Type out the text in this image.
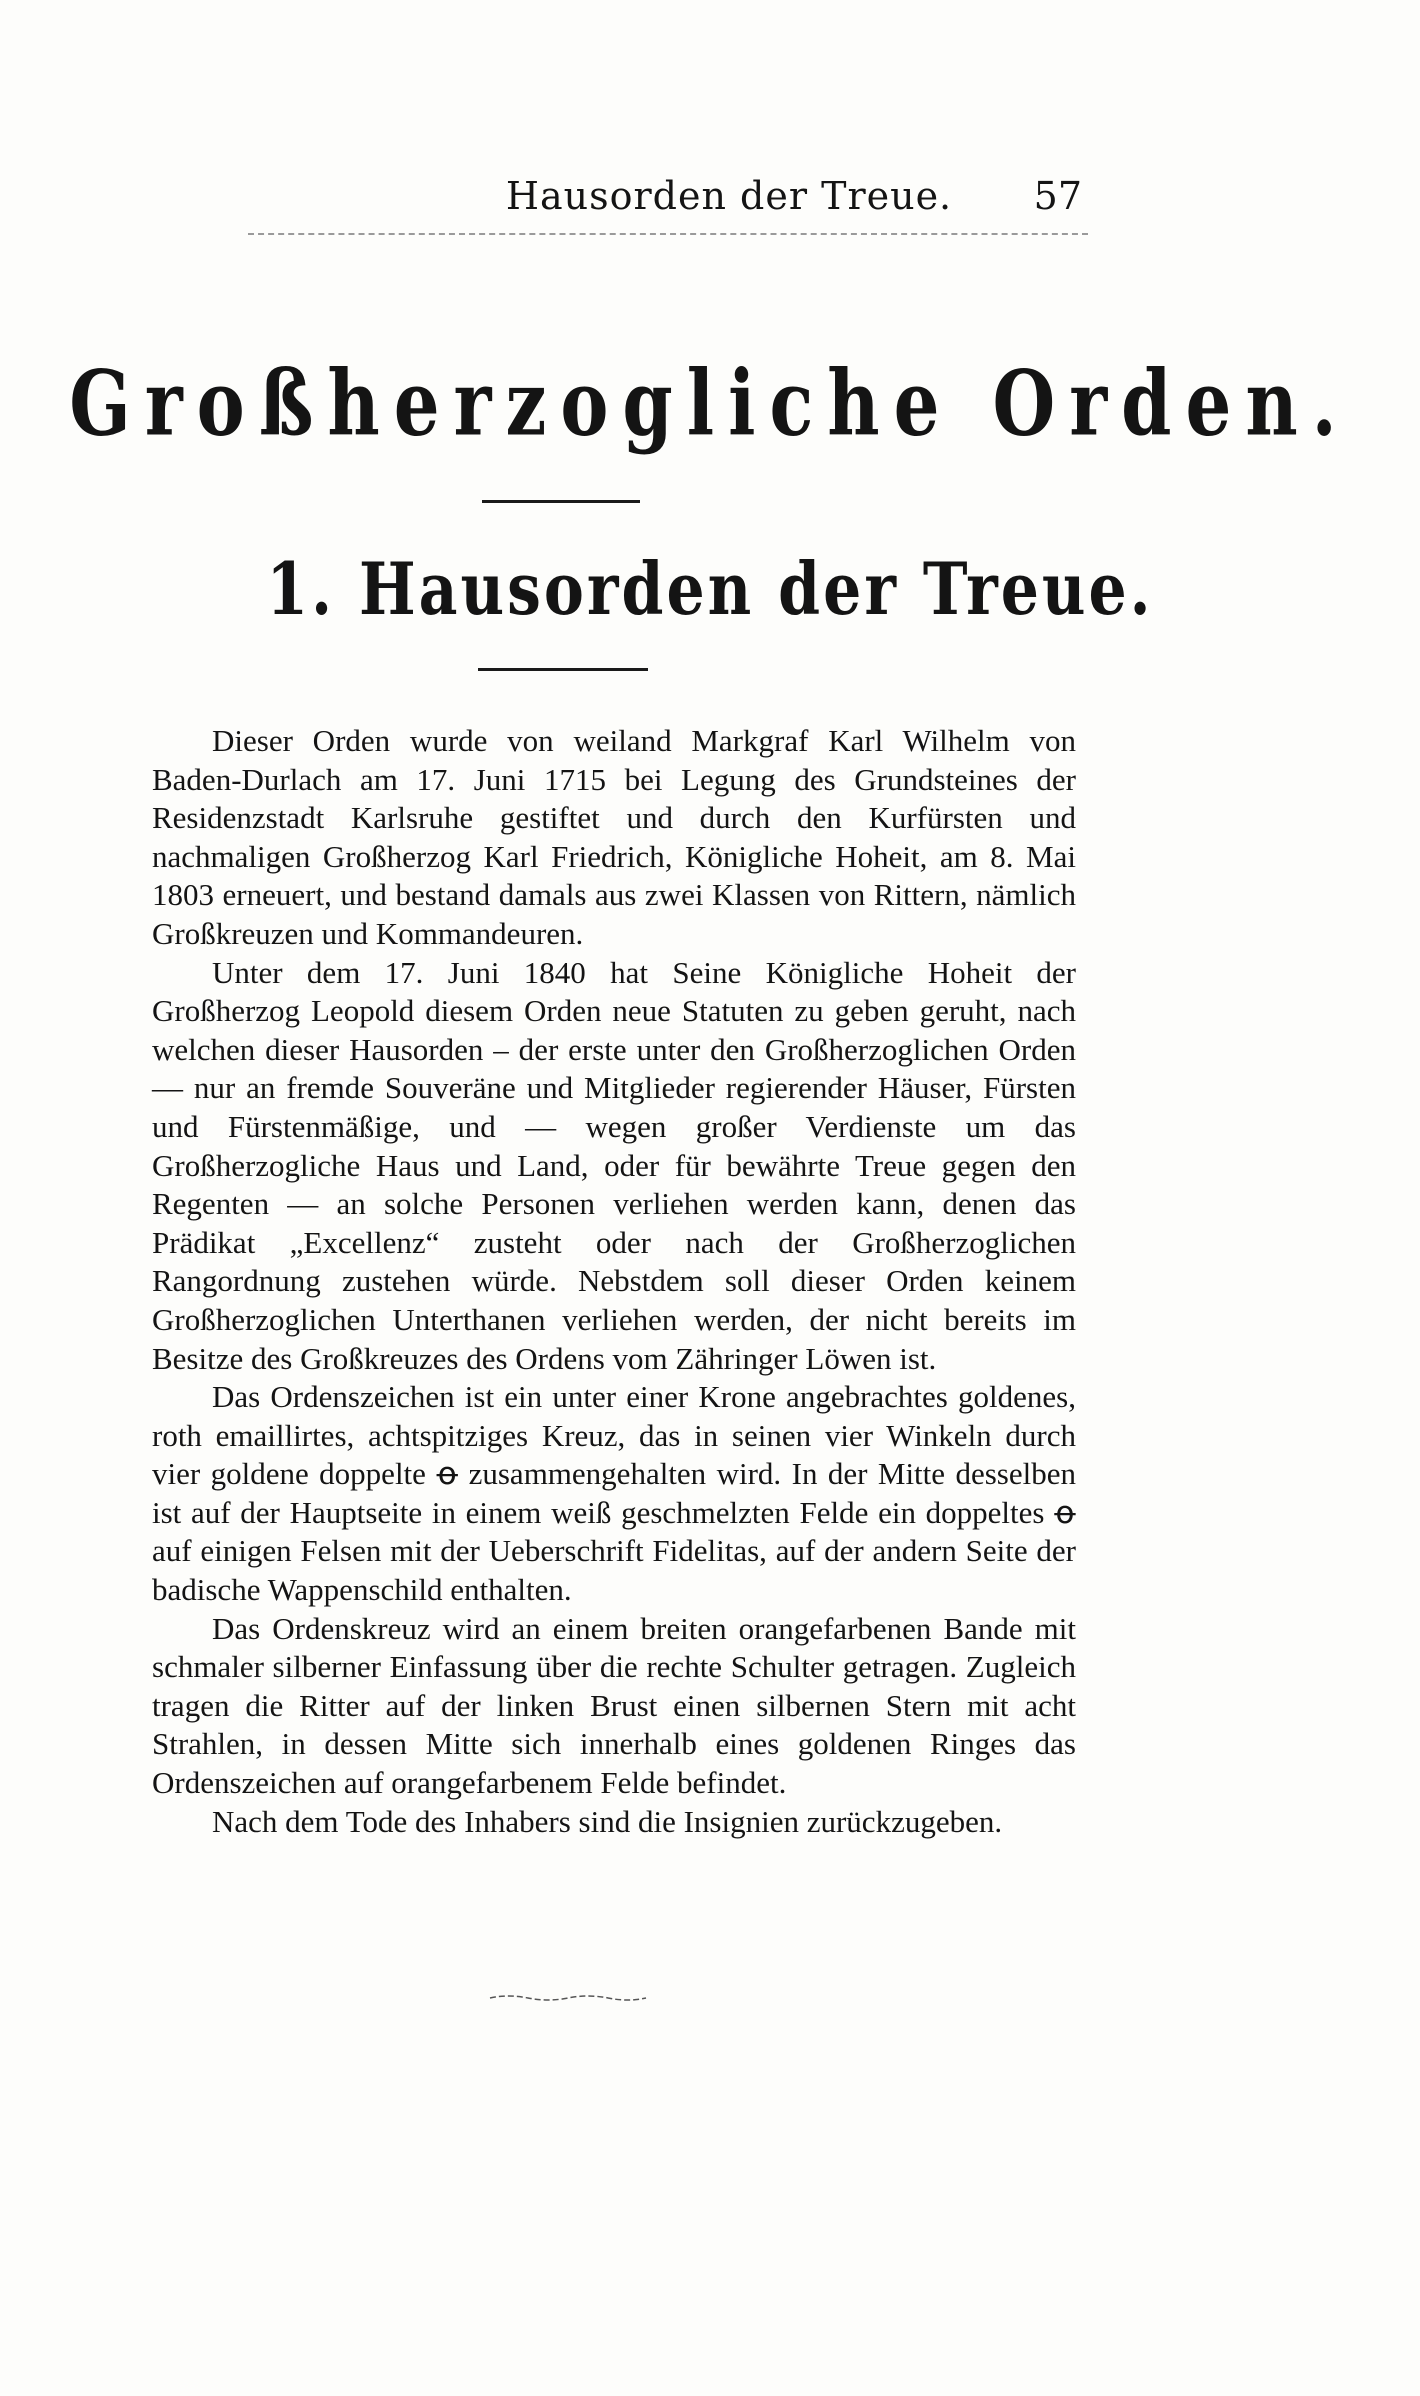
Hausorden der Treue.	57
Großherzogliche Orden.
1. Hausorden der Treue.

Dieser Orden wurde von weiland Markgraf Karl Wilhelm von Baden-Durlach am 17. Juni 1715 bei Legung des Grundsteines der Residenzstadt Karlsruhe gestiftet und durch den Kurfürsten und nachmaligen Großherzog Karl Friedrich, Königliche Hoheit, am 8. Mai 1803 erneuert, und bestand damals aus zwei Klassen von Rittern, nämlich Großkreuzen und Kommandeuren.

Unter dem 17. Juni 1840 hat Seine Königliche Hoheit der Großherzog Leopold diesem Orden neue Statuten zu geben geruht, nach welchen dieser Hausorden – der erste unter den Großherzoglichen Orden — nur an fremde Souveräne und Mitglieder regierender Häuser, Fürsten und Fürstenmäßige, und — wegen großer Verdienste um das Großherzogliche Haus und Land, oder für bewährte Treue gegen den Regenten — an solche Personen verliehen werden kann, denen das Prädikat „Excellenz“ zusteht oder nach der Großherzoglichen Rangordnung zustehen würde. Nebstdem soll dieser Orden keinem Großherzoglichen Unterthanen verliehen werden, der nicht bereits im Besitze des Großkreuzes des Ordens vom Zähringer Löwen ist.

Das Ordenszeichen ist ein unter einer Krone angebrachtes goldenes, roth emaillirtes, achtspitziges Kreuz, das in seinen vier Winkeln durch vier goldene doppelte ꝋ zusammengehalten wird. In der Mitte desselben ist auf der Hauptseite in einem weiß geschmelzten Felde ein doppeltes ꝋ auf einigen Felsen mit der Ueberschrift Fidelitas, auf der andern Seite der badische Wappenschild enthalten.

Das Ordenskreuz wird an einem breiten orangefarbenen Bande mit schmaler silberner Einfassung über die rechte Schulter getragen. Zugleich tragen die Ritter auf der linken Brust einen silbernen Stern mit acht Strahlen, in dessen Mitte sich innerhalb eines goldenen Ringes das Ordenszeichen auf orangefarbenem Felde befindet.

Nach dem Tode des Inhabers sind die Insignien zurückzugeben.
